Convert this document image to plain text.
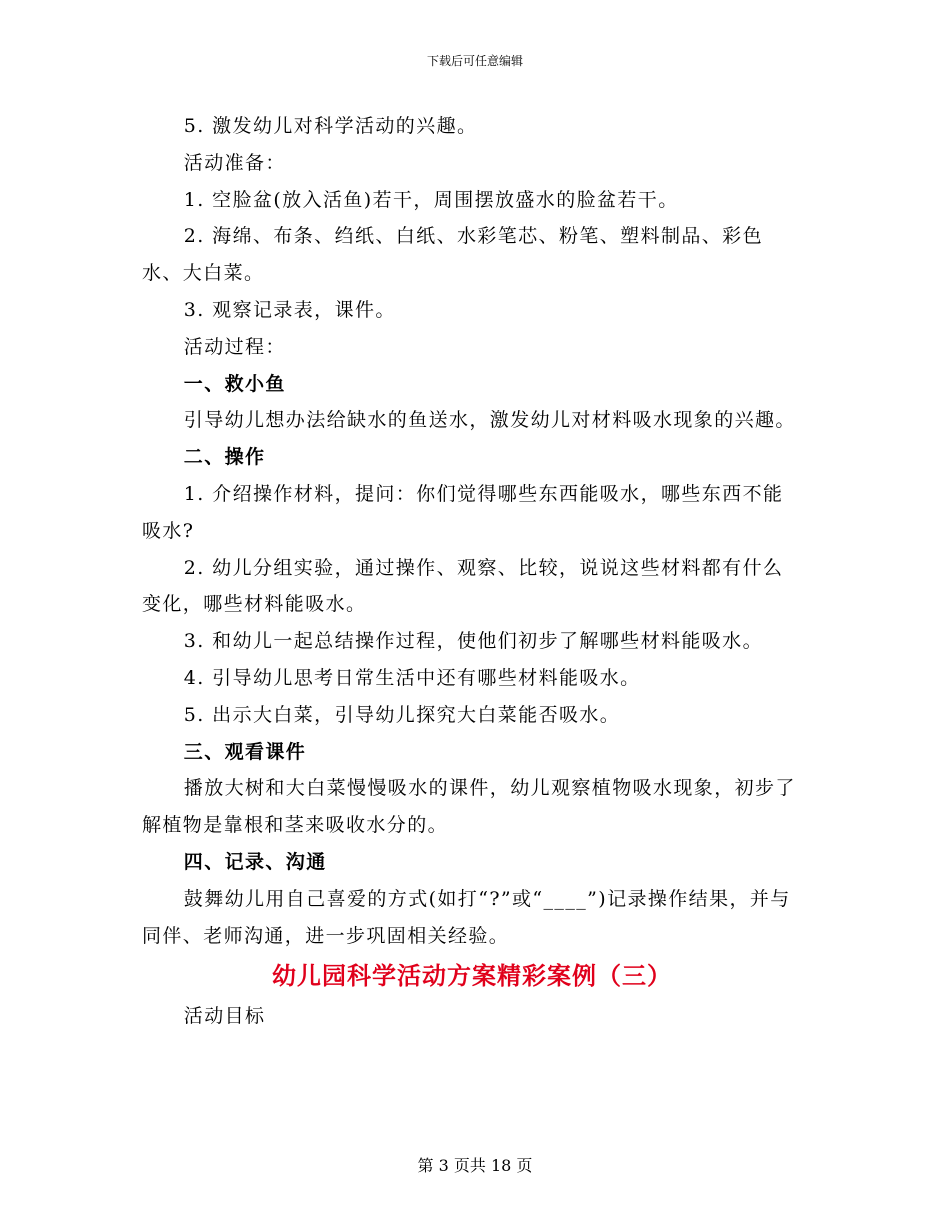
下载后可任意编辑

5. 激发幼儿对科学活动的兴趣。

活动准备：

1. 空脸盆(放入活鱼)若干，周围摆放盛水的脸盆若干。

2. 海绵、布条、绉纸、白纸、水彩笔芯、粉笔、塑料制品、彩色水、大白菜。

3. 观察记录表，课件。

活动过程：

一、救小鱼

引导幼儿想办法给缺水的鱼送水，激发幼儿对材料吸水现象的兴趣。

二、操作

1. 介绍操作材料，提问：你们觉得哪些东西能吸水，哪些东西不能吸水?

2. 幼儿分组实验，通过操作、观察、比较，说说这些材料都有什么变化，哪些材料能吸水。

3. 和幼儿一起总结操作过程，使他们初步了解哪些材料能吸水。

4. 引导幼儿思考日常生活中还有哪些材料能吸水。

5. 出示大白菜，引导幼儿探究大白菜能否吸水。

三、观看课件

播放大树和大白菜慢慢吸水的课件，幼儿观察植物吸水现象，初步了解植物是靠根和茎来吸收水分的。

四、记录、沟通

鼓舞幼儿用自己喜爱的方式(如打“?”或“____”)记录操作结果，并与同伴、老师沟通，进一步巩固相关经验。

幼儿园科学活动方案精彩案例（三）

活动目标

第 3 页共 18 页
